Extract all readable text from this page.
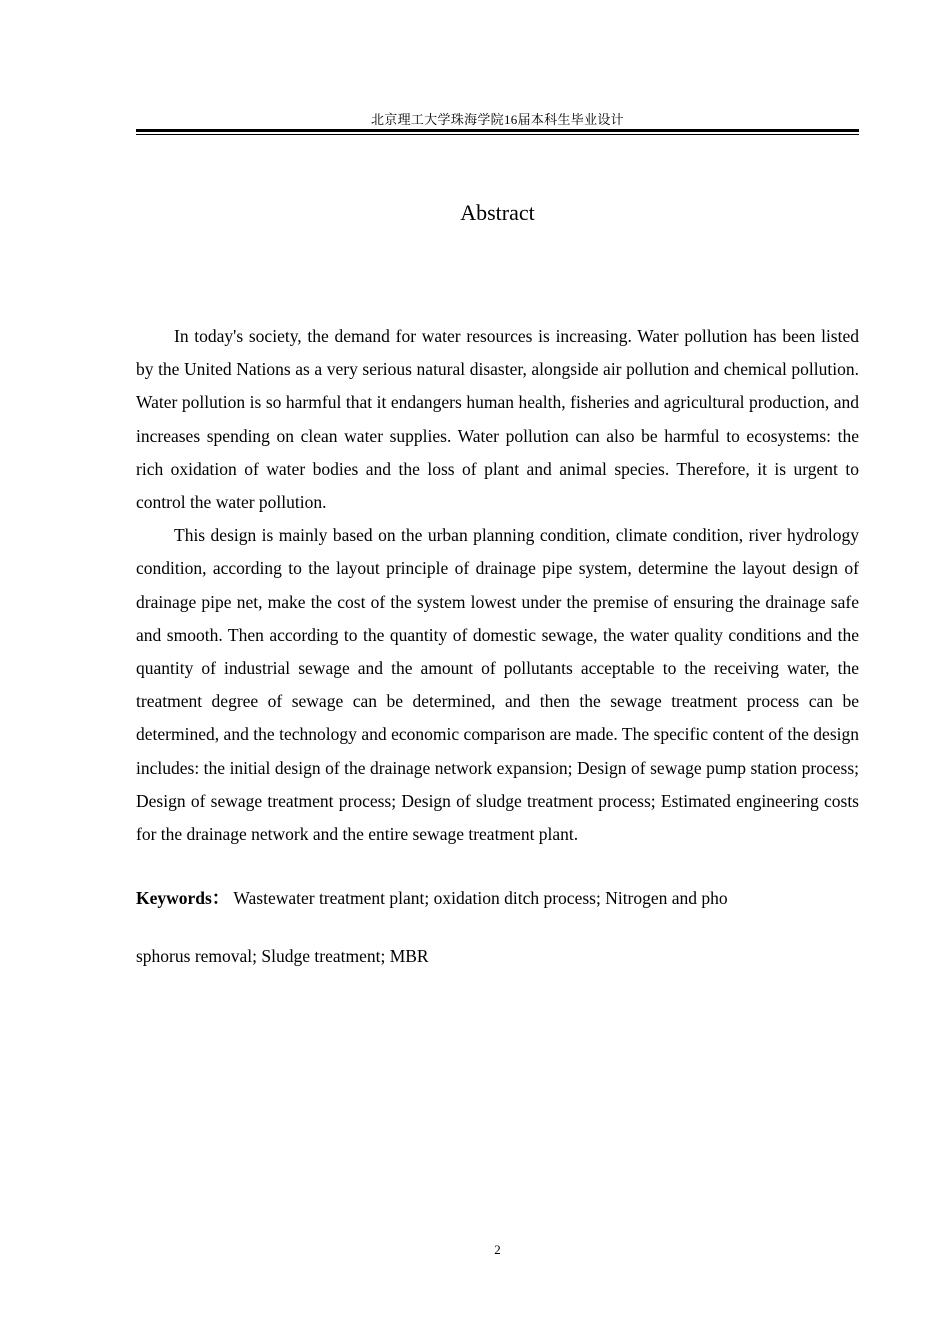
北京理工大学珠海学院16届本科生毕业设计
Abstract

In today's society, the demand for water resources is increasing. Water pollution has been listed by the United Nations as a very serious natural disaster, alongside air pollution and chemical pollution. Water pollution is so harmful that it endangers human health, fisheries and agricultural production, and increases spending on clean water supplies. Water pollution can also be harmful to ecosystems: the rich oxidation of water bodies and the loss of plant and animal species. Therefore, it is urgent to control the water pollution.

This design is mainly based on the urban planning condition, climate condition, river hydrology condition, according to the layout principle of drainage pipe system, determine the layout design of drainage pipe net, make the cost of the system lowest under the premise of ensuring the drainage safe and smooth. Then according to the quantity of domestic sewage, the water quality conditions and the quantity of industrial sewage and the amount of pollutants acceptable to the receiving water, the treatment degree of sewage can be determined, and then the sewage treatment process can be determined, and the technology and economic comparison are made. The specific content of the design includes: the initial design of the drainage network expansion; Design of sewage pump station process; Design of sewage treatment process; Design of sludge treatment process; Estimated engineering costs for the drainage network and the entire sewage treatment plant.

Keywords： Wastewater treatment plant; oxidation ditch process; Nitrogen and pho
sphorus removal; Sludge treatment; MBR
2
